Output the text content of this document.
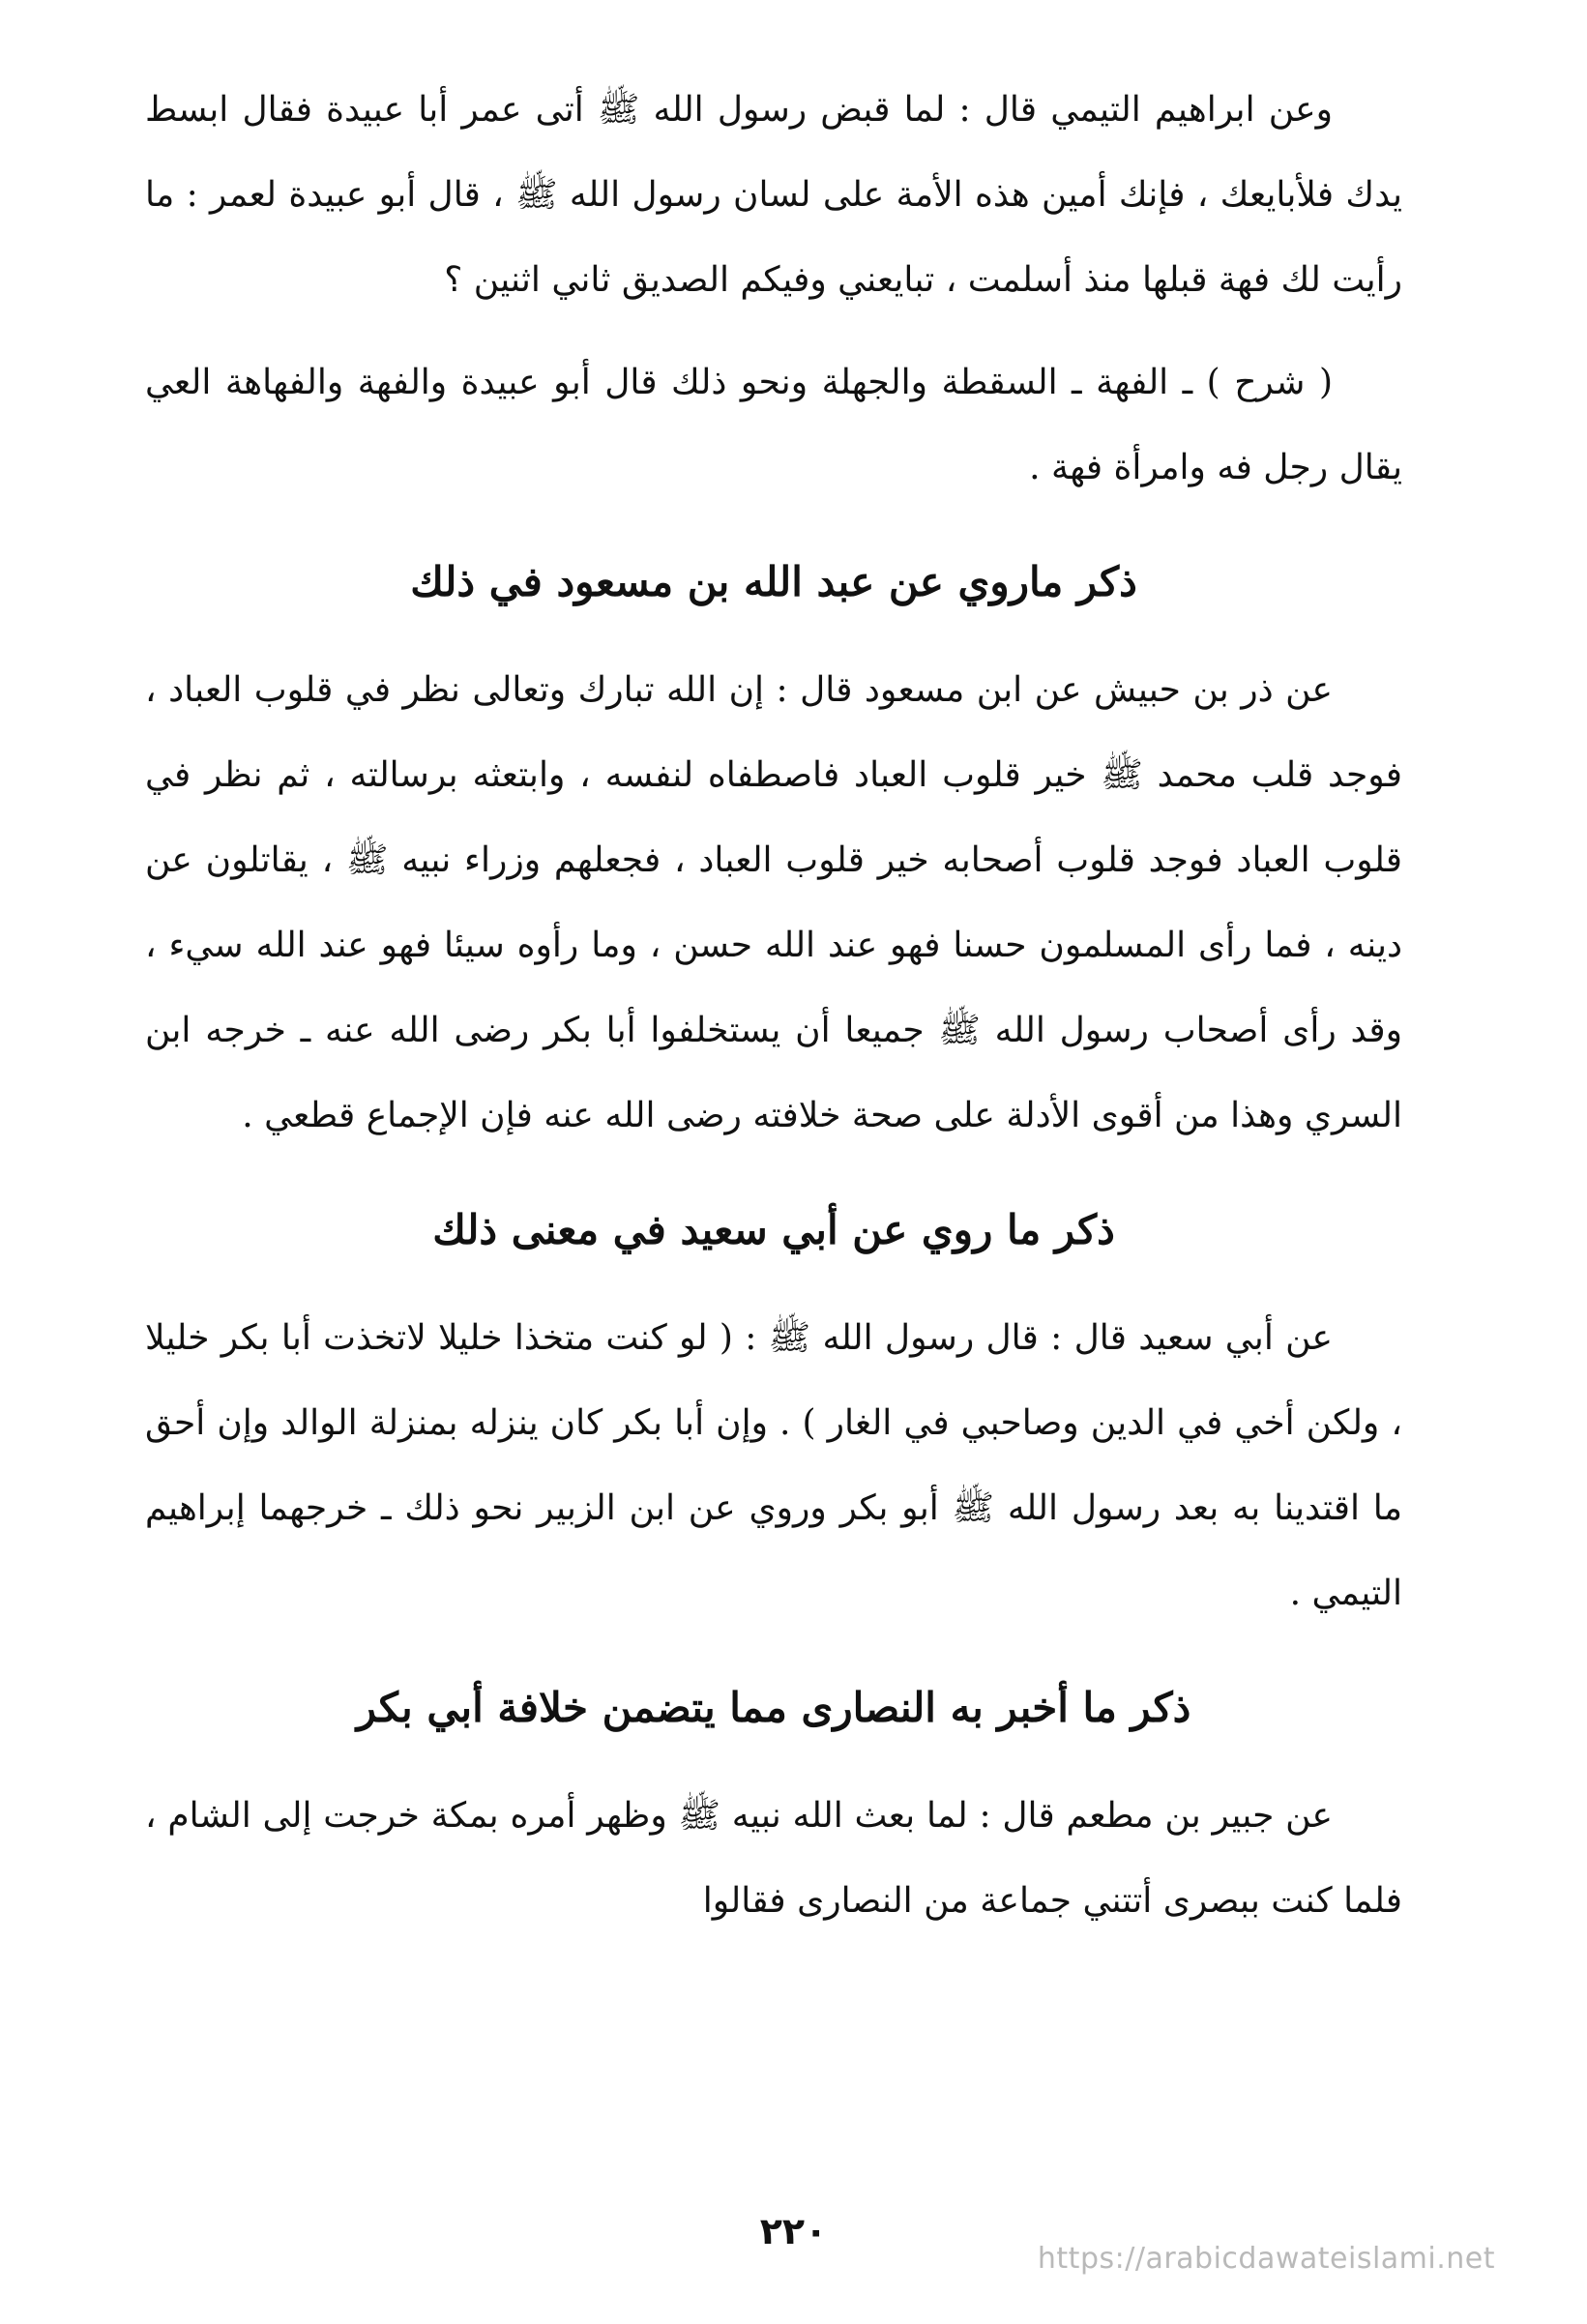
وعن ابراهيم التيمي قال : لما قبض رسول الله ﷺ أتى عمر أبا عبيدة فقال ابسط يدك فلأبايعك ، فإنك أمين هذه الأمة على لسان رسول الله ﷺ ، قال أبو عبيدة لعمر : ما رأيت لك فهة قبلها منذ أسلمت ، تبايعني وفيكم الصديق ثاني اثنين ؟

( شرح ) ـ الفهة ـ السقطة والجهلة ونحو ذلك قال أبو عبيدة والفهة والفهاهة العي يقال رجل فه وامرأة فهة .

ذكر ماروي عن عبد الله بن مسعود في ذلك

عن ذر بن حبيش عن ابن مسعود قال : إن الله تبارك وتعالى نظر في قلوب العباد ، فوجد قلب محمد ﷺ خير قلوب العباد فاصطفاه لنفسه ، وابتعثه برسالته ، ثم نظر في قلوب العباد فوجد قلوب أصحابه خير قلوب العباد ، فجعلهم وزراء نبيه ﷺ ، يقاتلون عن دينه ، فما رأى المسلمون حسنا فهو عند الله حسن ، وما رأوه سيئا فهو عند الله سيء ، وقد رأى أصحاب رسول الله ﷺ جميعا أن يستخلفوا أبا بكر رضى الله عنه ـ خرجه ابن السري وهذا من أقوى الأدلة على صحة خلافته رضى الله عنه فإن الإجماع قطعي .

ذكر ما روي عن أبي سعيد في معنى ذلك

عن أبي سعيد قال : قال رسول الله ﷺ : ( لو كنت متخذا خليلا لاتخذت أبا بكر خليلا ، ولكن أخي في الدين وصاحبي في الغار ) . وإن أبا بكر كان ينزله بمنزلة الوالد وإن أحق ما اقتدينا به بعد رسول الله ﷺ أبو بكر وروي عن ابن الزبير نحو ذلك ـ خرجهما إبراهيم التيمي .

ذكر ما أخبر به النصارى مما يتضمن خلافة أبي بكر

عن جبير بن مطعم قال : لما بعث الله نبيه ﷺ وظهر أمره بمكة خرجت إلى الشام ، فلما كنت ببصرى أتتني جماعة من النصارى فقالوا

٢٢٠
https://arabicdawateislami.net
